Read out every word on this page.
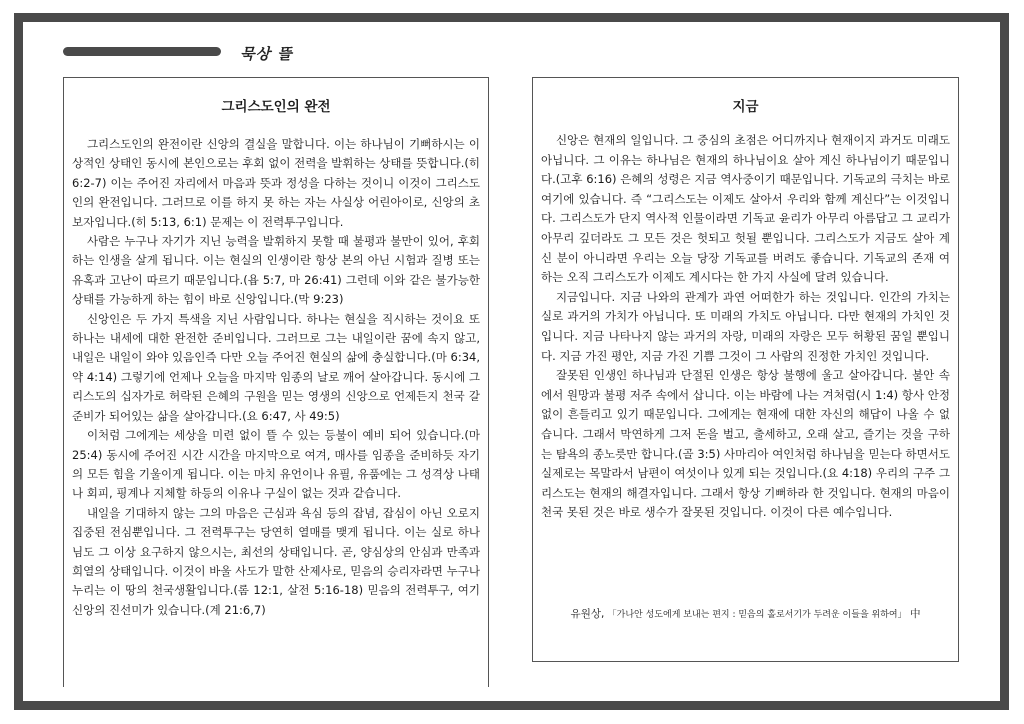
묵상 뜰
그리스도인의 완전

그리스도인의 완전이란 신앙의 결실을 말합니다. 이는 하나님이 기뻐하시는 이상적인 상태인 동시에 본인으로는 후회 없이 전력을 발휘하는 상태를 뜻합니다.(히 6:2-7) 이는 주어진 자리에서 마음과 뜻과 정성을 다하는 것이니 이것이 그리스도인의 완전입니다. 그러므로 이를 하지 못 하는 자는 사실상 어린아이로, 신앙의 초보자입니다.(히 5:13, 6:1) 문제는 이 전력투구입니다.

사람은 누구나 자기가 지닌 능력을 발휘하지 못할 때 불평과 불만이 있어, 후회하는 인생을 살게 됩니다. 이는 현실의 인생이란 항상 본의 아닌 시험과 질병 또는 유혹과 고난이 따르기 때문입니다.(욥 5:7, 마 26:41) 그런데 이와 같은 불가능한 상태를 가능하게 하는 힘이 바로 신앙입니다.(막 9:23)

신앙인은 두 가지 특색을 지닌 사람입니다. 하나는 현실을 직시하는 것이요 또 하나는 내세에 대한 완전한 준비입니다. 그러므로 그는 내일이란 꿈에 속지 않고, 내일은 내일이 와야 있음인즉 다만 오늘 주어진 현실의 삶에 충실합니다.(마 6:34, 약 4:14) 그렇기에 언제나 오늘을 마지막 임종의 날로 깨어 살아갑니다. 동시에 그리스도의 십자가로 허락된 은혜의 구원을 믿는 영생의 신앙으로 언제든지 천국 갈 준비가 되어있는 삶을 살아갑니다.(요 6:47, 사 49:5)

이처럼 그에게는 세상을 미련 없이 뜰 수 있는 등불이 예비 되어 있습니다.(마 25:4) 동시에 주어진 시간 시간을 마지막으로 여겨, 매사를 임종을 준비하듯 자기의 모든 힘을 기울이게 됩니다. 이는 마치 유언이나 유필, 유품에는 그 성격상 나태나 회피, 핑계나 지체할 하등의 이유나 구실이 없는 것과 같습니다.

내일을 기대하지 않는 그의 마음은 근심과 욕심 등의 잡념, 잡심이 아닌 오로지 집중된 전심뿐입니다. 그 전력투구는 당연히 열매를 맺게 됩니다. 이는 실로 하나님도 그 이상 요구하지 않으시는, 최선의 상태입니다. 곧, 양심상의 안심과 만족과 희열의 상태입니다. 이것이 바울 사도가 말한 산제사로, 믿음의 승리자라면 누구나 누리는 이 땅의 천국생활입니다.(롬 12:1, 살전 5:16-18) 믿음의 전력투구, 여기 신앙의 진선미가 있습니다.(계 21:6,7)

지금

신앙은 현재의 일입니다. 그 중심의 초점은 어디까지나 현재이지 과거도 미래도 아닙니다. 그 이유는 하나님은 현재의 하나님이요 살아 계신 하나님이기 때문입니다.(고후 6:16) 은혜의 성령은 지금 역사중이기 때문입니다. 기독교의 극치는 바로 여기에 있습니다. 즉 “그리스도는 이제도 살아서 우리와 함께 계신다”는 이것입니다. 그리스도가 단지 역사적 인물이라면 기독교 윤리가 아무리 아름답고 그 교리가 아무리 깊더라도 그 모든 것은 헛되고 헛될 뿐입니다. 그리스도가 지금도 살아 계신 분이 아니라면 우리는 오늘 당장 기독교를 버려도 좋습니다. 기독교의 존재 여하는 오직 그리스도가 이제도 계시다는 한 가지 사실에 달려 있습니다.

지금입니다. 지금 나와의 관계가 과연 어떠한가 하는 것입니다. 인간의 가치는 실로 과거의 가치가 아닙니다. 또 미래의 가치도 아닙니다. 다만 현재의 가치인 것입니다. 지금 나타나지 않는 과거의 자랑, 미래의 자랑은 모두 허황된 꿈일 뿐입니다. 지금 가진 평안, 지금 가진 기쁨 그것이 그 사람의 진정한 가치인 것입니다.

잘못된 인생인 하나님과 단절된 인생은 항상 불행에 울고 살아갑니다. 불안 속에서 원망과 불평 저주 속에서 삽니다. 이는 바람에 나는 겨처럼(시 1:4) 항사 안정 없이 흔들리고 있기 때문입니다. 그에게는 현재에 대한 자신의 해답이 나올 수 없습니다. 그래서 막연하게 그저 돈을 벌고, 출세하고, 오래 살고, 즐기는 것을 구하는 탐욕의 종노릇만 합니다.(골 3:5) 사마리아 여인처럼 하나님을 믿는다 하면서도 실제로는 목말라서 남편이 여섯이나 있게 되는 것입니다.(요 4:18) 우리의 구주 그리스도는 현재의 해결자입니다. 그래서 항상 기뻐하라 한 것입니다. 현재의 마음이 천국 못된 것은 바로 생수가 잘못된 것입니다. 이것이 다른 예수입니다.

유원상, 「가나안 성도에게 보내는 편지 : 믿음의 홀로서기가 두려운 이들을 위하여」 中
